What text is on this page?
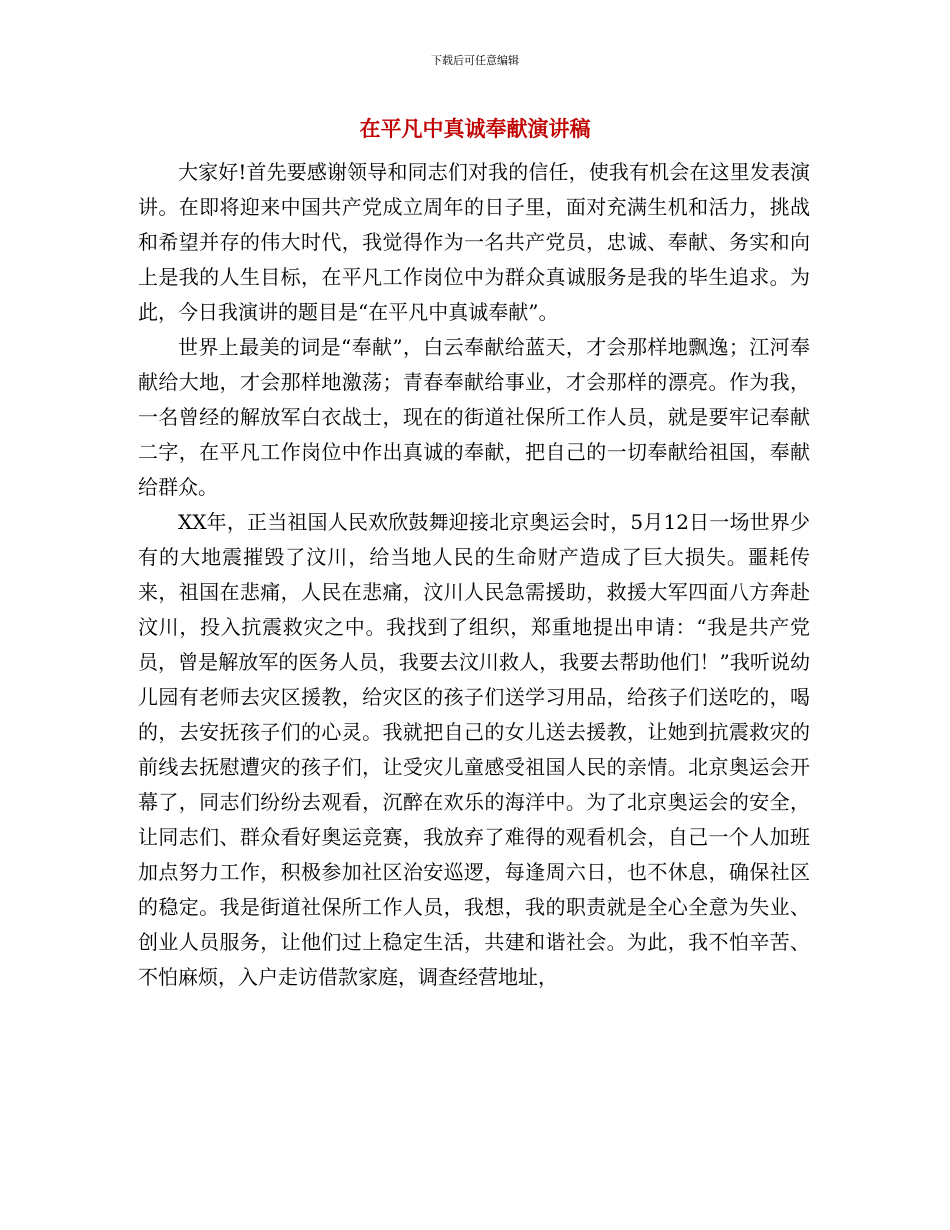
下载后可任意编辑
在平凡中真诚奉献演讲稿

大家好!首先要感谢领导和同志们对我的信任，使我有机会在这里发表演讲。在即将迎来中国共产党成立周年的日子里，面对充满生机和活力，挑战和希望并存的伟大时代，我觉得作为一名共产党员，忠诚、奉献、务实和向上是我的人生目标，在平凡工作岗位中为群众真诚服务是我的毕生追求。为此，今日我演讲的题目是“在平凡中真诚奉献”。

世界上最美的词是“奉献”，白云奉献给蓝天，才会那样地飘逸；江河奉献给大地，才会那样地激荡；青春奉献给事业，才会那样的漂亮。作为我，一名曾经的解放军白衣战士，现在的街道社保所工作人员，就是要牢记奉献二字，在平凡工作岗位中作出真诚的奉献，把自己的一切奉献给祖国，奉献给群众。

XX年，正当祖国人民欢欣鼓舞迎接北京奥运会时，5月12日一场世界少有的大地震摧毁了汶川，给当地人民的生命财产造成了巨大损失。噩耗传来，祖国在悲痛，人民在悲痛，汶川人民急需援助，救援大军四面八方奔赴汶川，投入抗震救灾之中。我找到了组织，郑重地提出申请：“我是共产党员，曾是解放军的医务人员，我要去汶川救人，我要去帮助他们！”我听说幼儿园有老师去灾区援教，给灾区的孩子们送学习用品，给孩子们送吃的，喝的，去安抚孩子们的心灵。我就把自己的女儿送去援教，让她到抗震救灾的前线去抚慰遭灾的孩子们，让受灾儿童感受祖国人民的亲情。北京奥运会开幕了，同志们纷纷去观看，沉醉在欢乐的海洋中。为了北京奥运会的安全，让同志们、群众看好奥运竞赛，我放弃了难得的观看机会，自己一个人加班加点努力工作，积极参加社区治安巡逻，每逢周六日，也不休息，确保社区的稳定。我是街道社保所工作人员，我想，我的职责就是全心全意为失业、创业人员服务，让他们过上稳定生活，共建和谐社会。为此，我不怕辛苦、不怕麻烦，入户走访借款家庭，调查经营地址，
